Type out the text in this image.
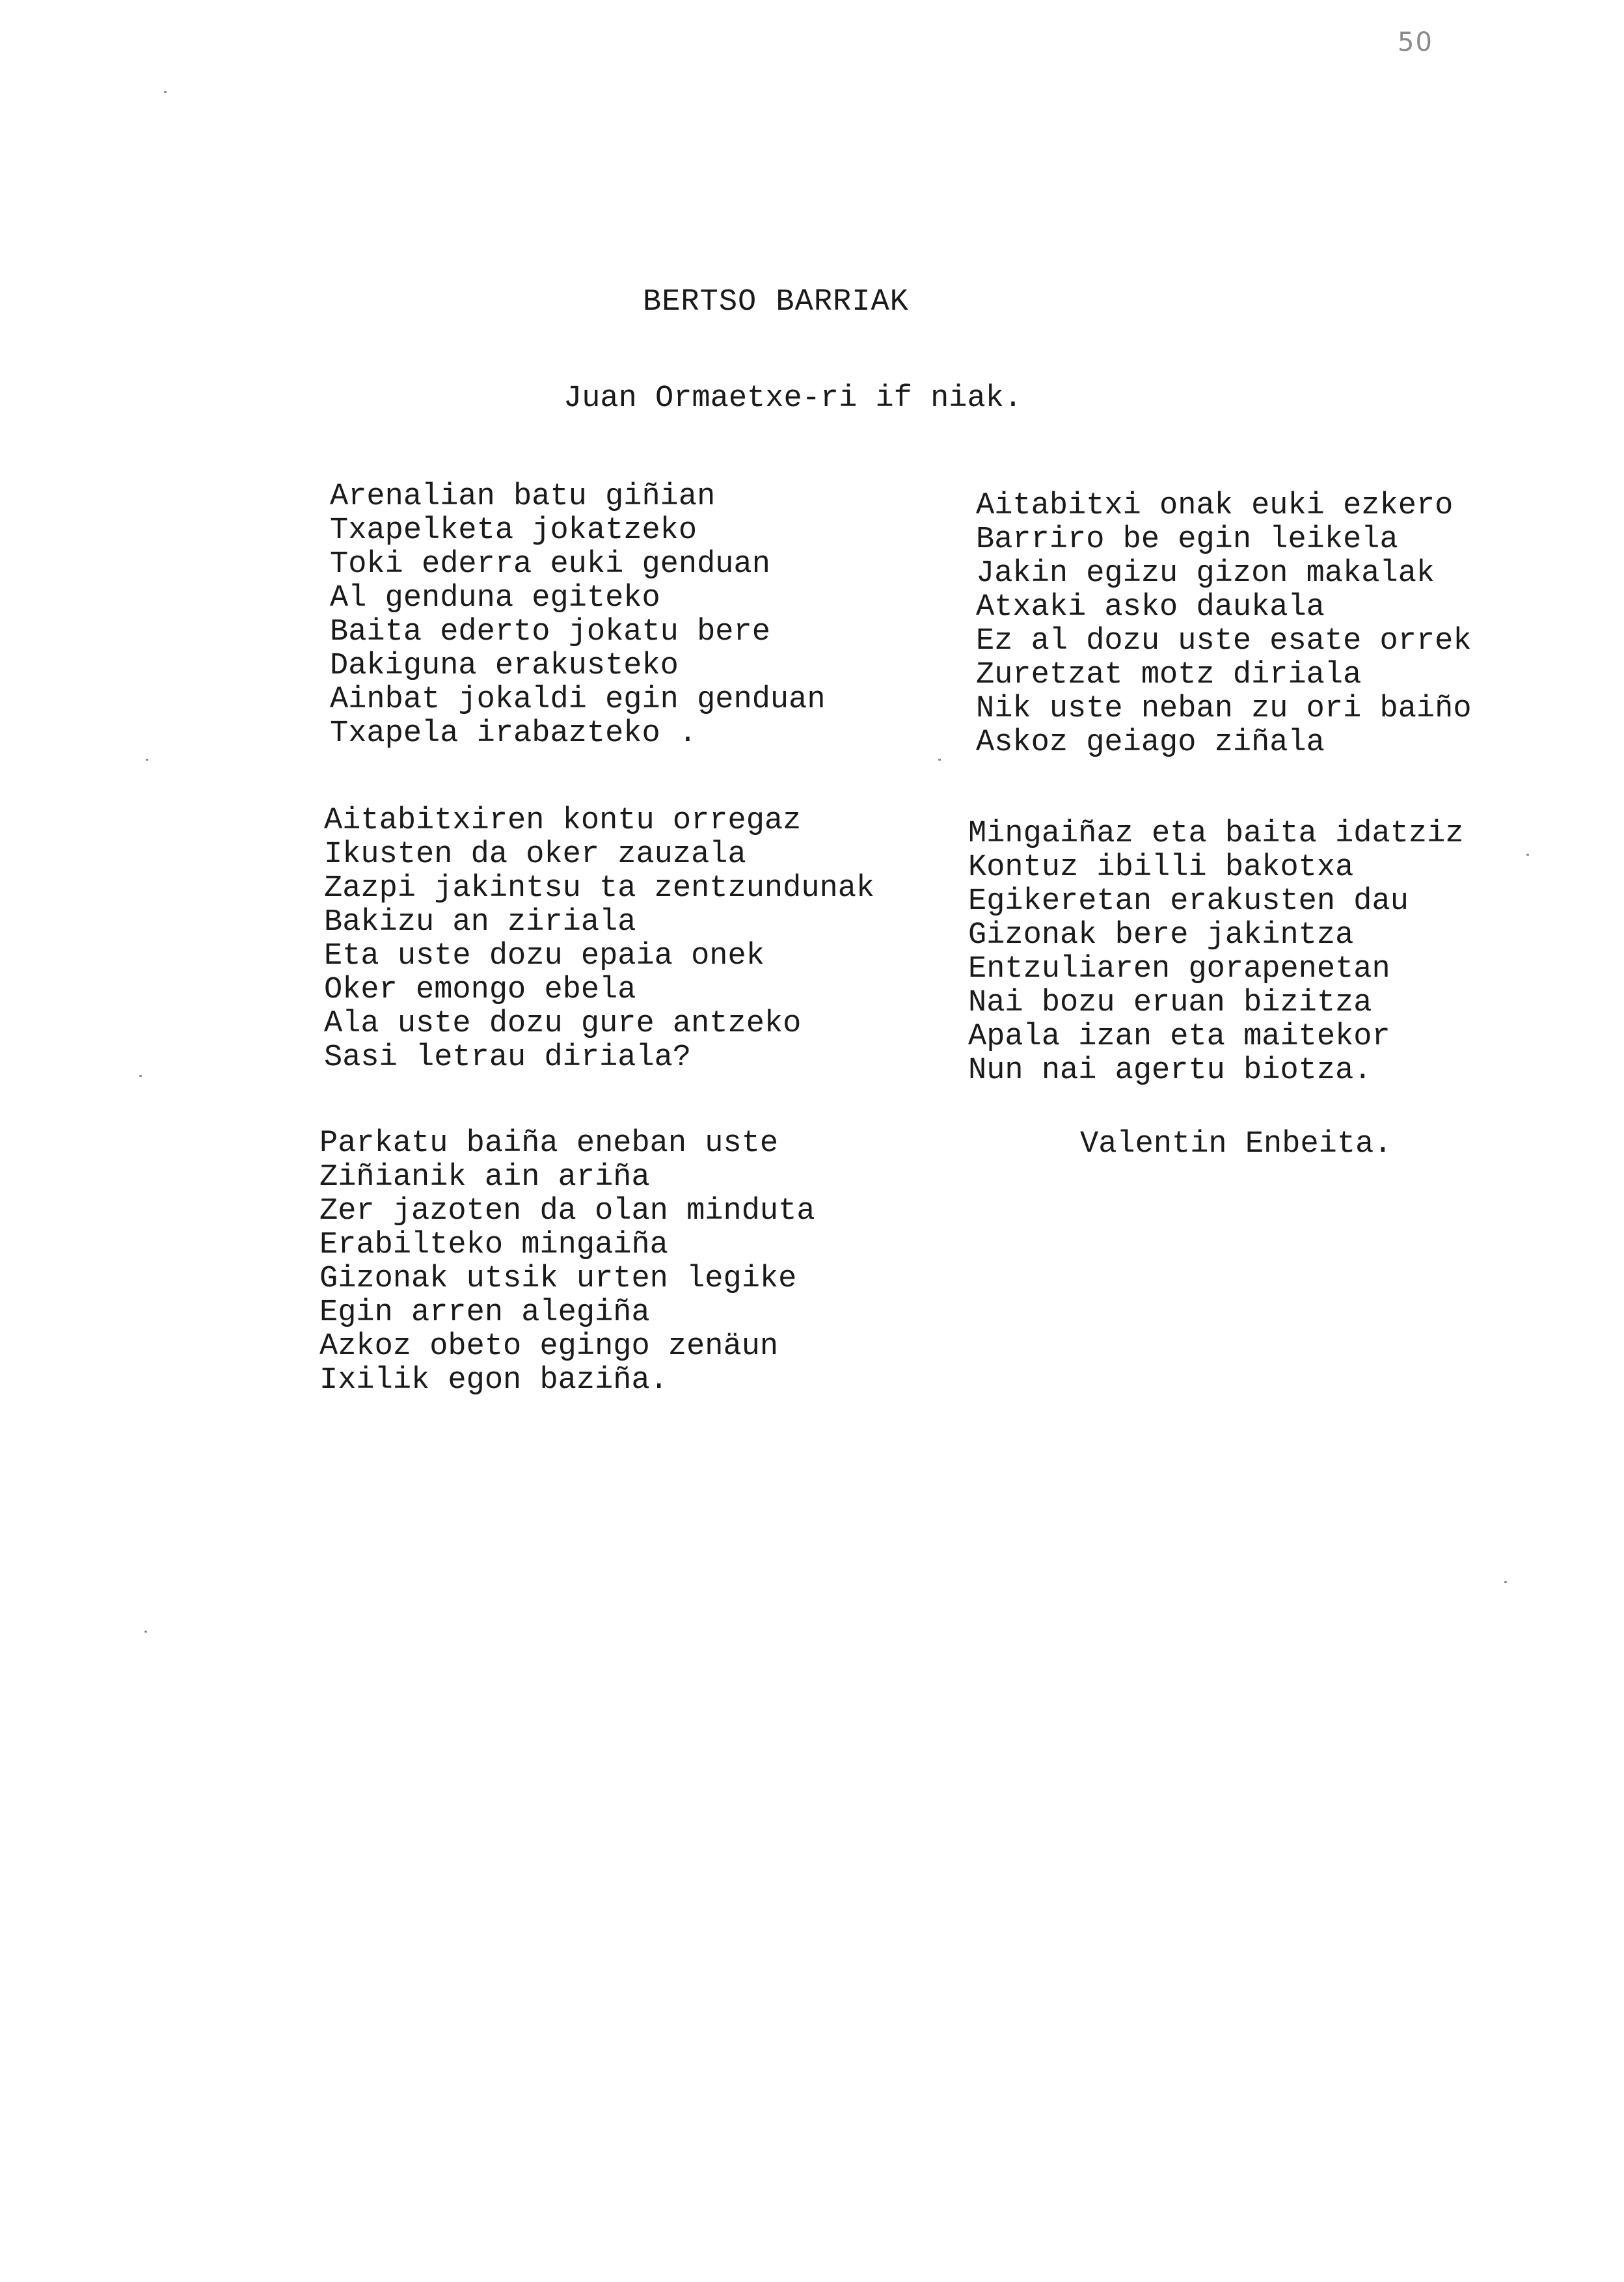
50
BERTSO BARRIAK
Juan Ormaetxe-ri if niak.
Arenalian batu giñian
Txapelketa jokatzeko
Toki ederra euki genduan
Al genduna egiteko
Baita ederto jokatu bere
Dakiguna erakusteko
Ainbat jokaldi egin genduan
Txapela irabazteko .
Aitabitxiren kontu orregaz
Ikusten da oker zauzala
Zazpi jakintsu ta zentzundunak
Bakizu an ziriala
Eta uste dozu epaia onek
Oker emongo ebela
Ala uste dozu gure antzeko
Sasi letrau diriala?
Parkatu baiña eneban uste
Ziñianik ain ariña
Zer jazoten da olan minduta
Erabilteko mingaiña
Gizonak utsik urten legike
Egin arren alegiña
Azkoz obeto egingo zenäun
Ixilik egon baziña.
Aitabitxi onak euki ezkero
Barriro be egin leikela
Jakin egizu gizon makalak
Atxaki asko daukala
Ez al dozu uste esate orrek
Zuretzat motz diriala
Nik uste neban zu ori baiño
Askoz geiago ziñala
Mingaiñaz eta baita idatziz
Kontuz ibilli bakotxa
Egikeretan erakusten dau
Gizonak bere jakintza
Entzuliaren gorapenetan
Nai bozu eruan bizitza
Apala izan eta maitekor
Nun nai agertu biotza.
Valentin Enbeita.
